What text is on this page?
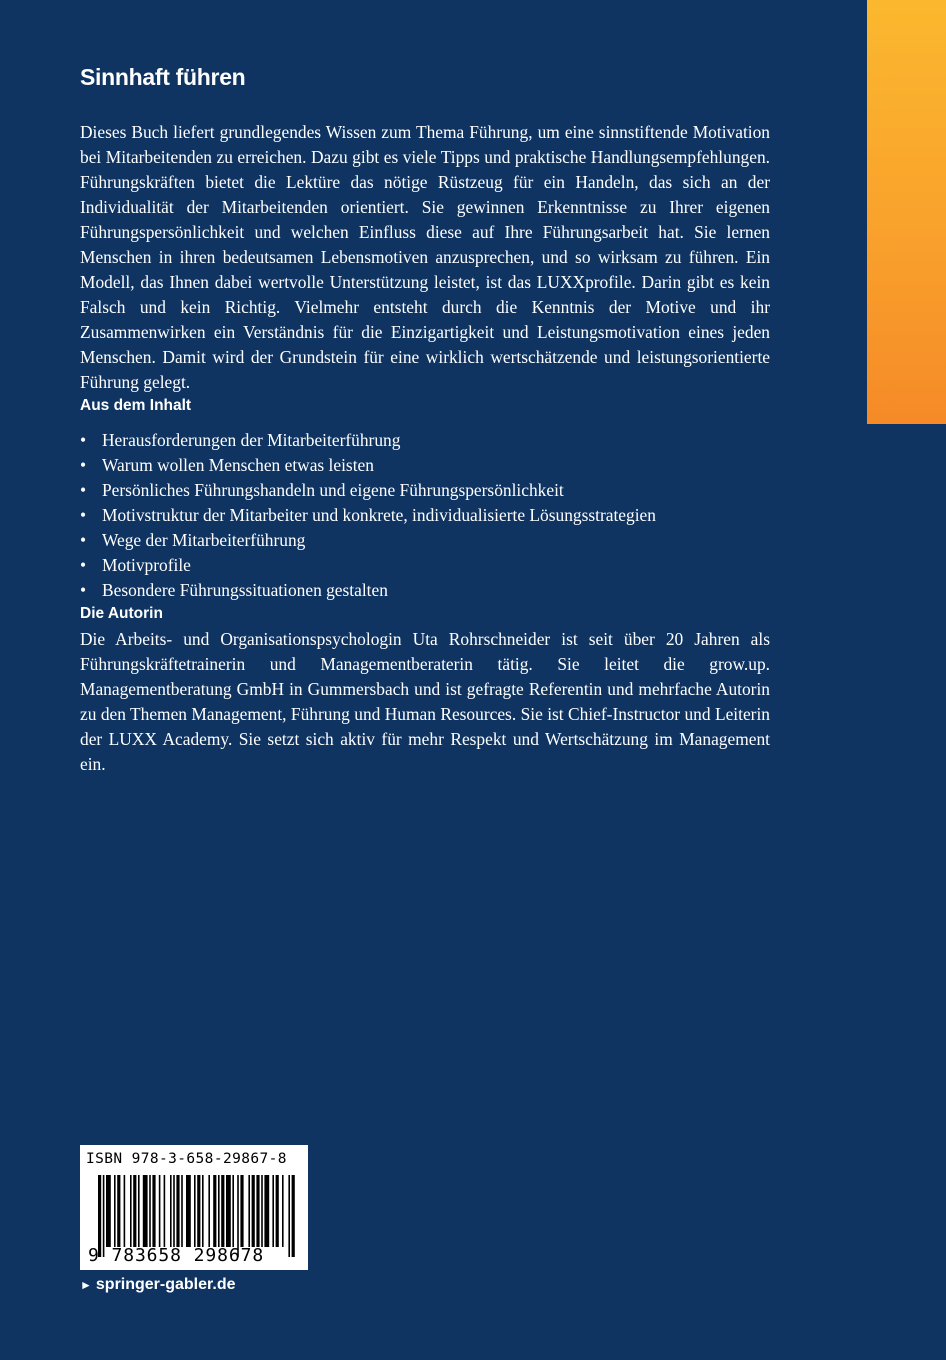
Sinnhaft führen

Dieses Buch liefert grundlegendes Wissen zum Thema Führung, um eine sinnstiftende Motivation bei Mitarbeitenden zu erreichen. Dazu gibt es viele Tipps und praktische Handlungsempfehlungen. Führungskräften bietet die Lektüre das nötige Rüstzeug für ein Handeln, das sich an der Individualität der Mitarbeitenden orientiert. Sie gewinnen Erkenntnisse zu Ihrer eigenen Führungspersönlichkeit und welchen Einfluss diese auf Ihre Führungsarbeit hat. Sie lernen Menschen in ihren bedeutsamen Lebensmotiven anzusprechen, und so wirksam zu führen. Ein Modell, das Ihnen dabei wertvolle Unterstützung leistet, ist das LUXXprofile. Darin gibt es kein Falsch und kein Richtig. Vielmehr entsteht durch die Kenntnis der Motive und ihr Zusammenwirken ein Verständnis für die Einzigartigkeit und Leistungsmotivation eines jeden Menschen. Damit wird der Grundstein für eine wirklich wertschätzende und leistungsorientierte Führung gelegt.

Aus dem Inhalt
• Herausforderungen der Mitarbeiterführung
• Warum wollen Menschen etwas leisten
• Persönliches Führungshandeln und eigene Führungspersönlichkeit
• Motivstruktur der Mitarbeiter und konkrete, individualisierte Lösungsstrategien
• Wege der Mitarbeiterführung
• Motivprofile
• Besondere Führungssituationen gestalten
Die Autorin

Die Arbeits- und Organisationspsychologin Uta Rohrschneider ist seit über 20 Jahren als Führungskräftetrainerin und Managementberaterin tätig. Sie leitet die grow.up. Managementberatung GmbH in Gummersbach und ist gefragte Referentin und mehrfache Autorin zu den Themen Management, Führung und Human Resources. Sie ist Chief-Instructor und Leiterin der LUXX Academy. Sie setzt sich aktiv für mehr Respekt und Wertschätzung im Management ein.

ISBN 978-3-658-29867-8
9 783658 298678
► springer-gabler.de
